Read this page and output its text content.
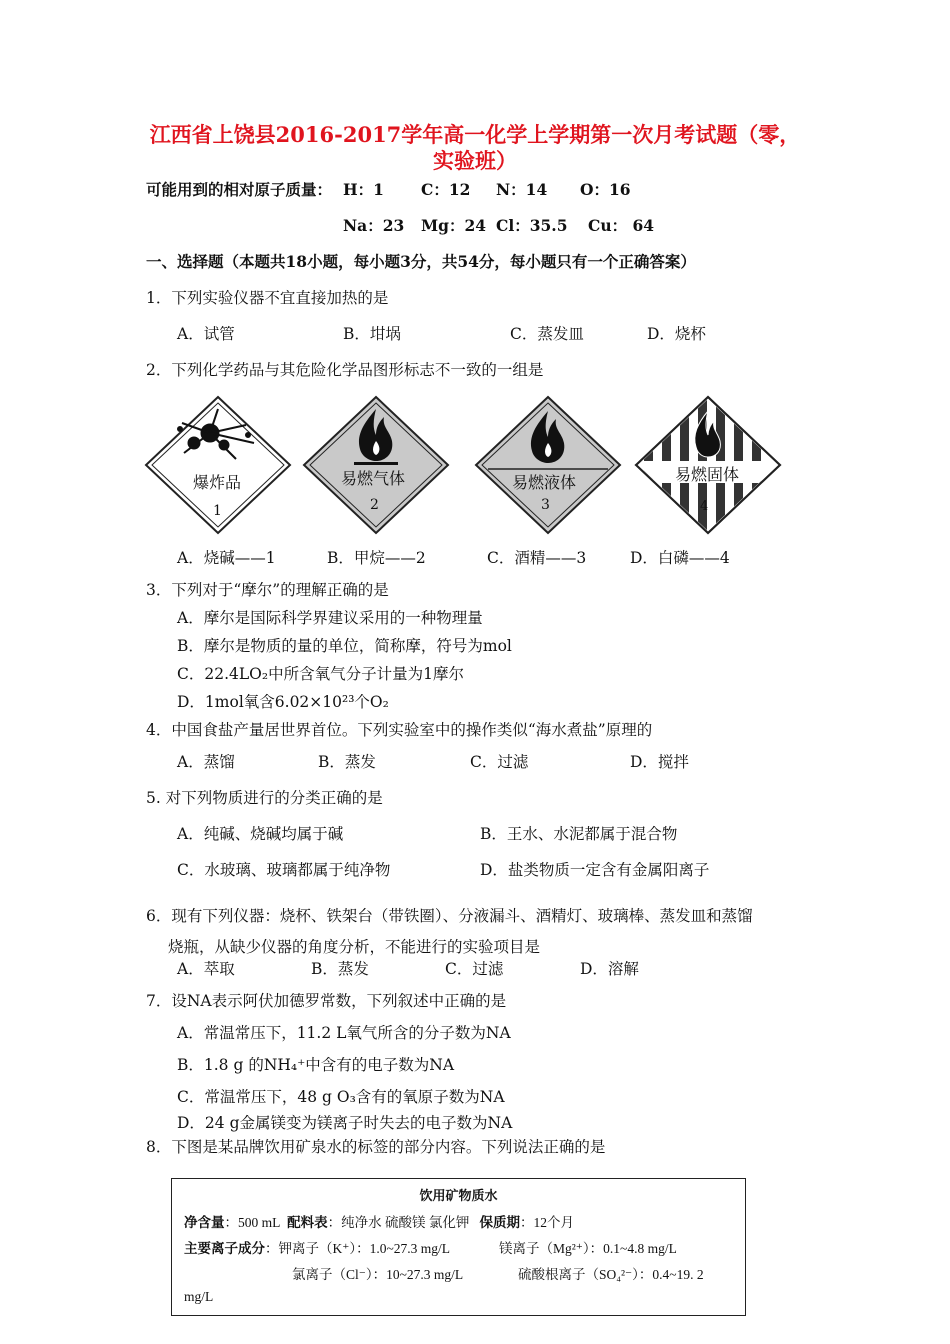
江西省上饶县2016-2017学年高一化学上学期第一次月考试题（零，
实验班）
可能用到的相对原子质量： H：1 C：12 N：14 O：16
Na：23 Mg：24 Cl：35.5 Cu： 64
一、选择题（本题共18小题，每小题3分，共54分，每小题只有一个正确答案）
1．下列实验仪器不宜直接加热的是
A．试管	B．坩埚	C．蒸发皿	D．烧杯
2．下列化学药品与其危险化学品图形标志不一致的一组是
爆炸品
1
易燃气体
2
易燃液体
3
易燃固体
4
A．烧碱——1	B．甲烷——2	C．酒精——3	D．白磷——4
3．下列对于“摩尔”的理解正确的是
A．摩尔是国际科学界建议采用的一种物理量
B．摩尔是物质的量的单位，简称摩，符号为mol
C．22.4LO₂中所含氧气分子计量为1摩尔
D．1mol氧含6.02×10²³个O₂
4．中国食盐产量居世界首位。下列实验室中的操作类似“海水煮盐”原理的
A．蒸馏	B．蒸发	C．过滤	D．搅拌
5. 对下列物质进行的分类正确的是
A．纯碱、烧碱均属于碱	B．王水、水泥都属于混合物
C．水玻璃、玻璃都属于纯净物	D．盐类物质一定含有金属阳离子
6．现有下列仪器：烧杯、铁架台（带铁圈）、分液漏斗、酒精灯、玻璃棒、蒸发皿和蒸馏
烧瓶，从缺少仪器的角度分析，不能进行的实验项目是
A．萃取	B．蒸发	C．过滤	D．溶解
7．设NA表示阿伏加德罗常数，下列叙述中正确的是
A．常温常压下，11.2 L氧气所含的分子数为NA
B．1.8 g 的NH₄⁺中含有的电子数为NA
C．常温常压下，48 g O₃含有的氧原子数为NA
D．24 g金属镁变为镁离子时失去的电子数为NA
8．下图是某品牌饮用矿泉水的标签的部分内容。下列说法正确的是
饮用矿物质水
净含量：500 mL 配料表：纯净水 硫酸镁 氯化钾 保质期：12个月
主要离子成分：钾离子（K⁺）：1.0~27.3 mg/L	镁离子（Mg²⁺）：0.1~4.8 mg/L
氯离子（Cl⁻）：10~27.3 mg/L	硫酸根离子（SO₄²⁻）：0.4~19. 2
mg/L
